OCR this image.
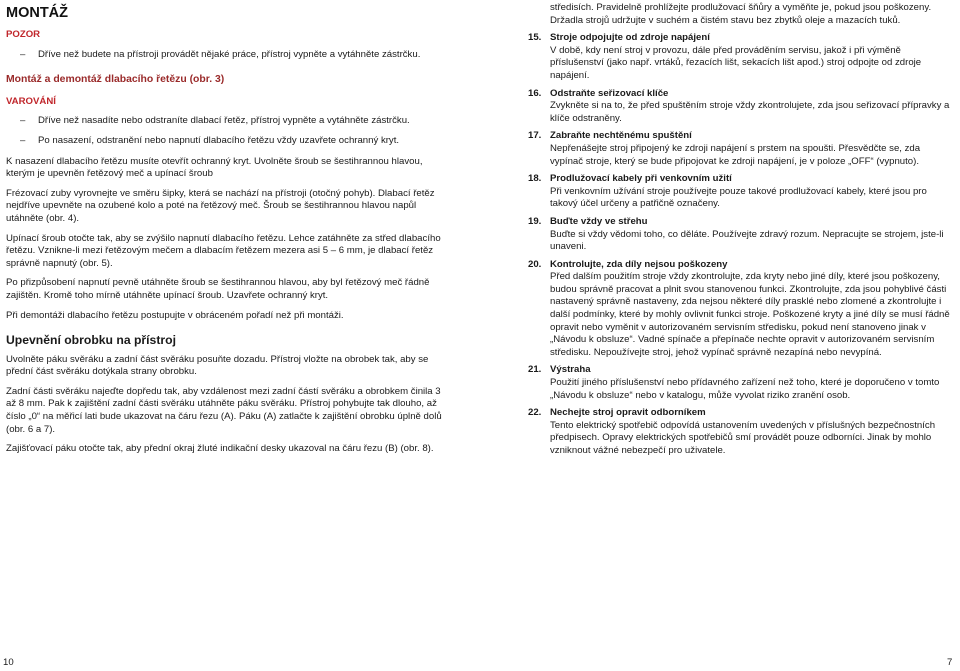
MONTÁŽ

POZOR

– Dříve než budete na přístroji provádět nějaké práce, přístroj vypněte a vytáhněte zástrčku.

Montáž a demontáž dlabacího řetězu (obr. 3)

VAROVÁNÍ

– Dříve než nasadíte nebo odstraníte dlabací řetěz, přístroj vypněte a vytáhněte zástrčku.

– Po nasazení, odstranění nebo napnutí dlabacího řetězu vždy uzavřete ochranný kryt.

K nasazení dlabacího řetězu musíte otevřít ochranný kryt. Uvolněte šroub se šestihrannou hlavou, kterým je upevněn řetězový meč a upínací šroub

Frézovací zuby vyrovnejte ve směru šipky, která se nachází na přístroji (otočný pohyb). Dlabací řetěz nejdříve upevněte na ozubené kolo a poté na řetězový meč. Šroub se šestihrannou hlavou napůl utáhněte (obr. 4).

Upínací šroub otočte tak, aby se zvýšilo napnutí dlabacího řetězu. Lehce zatáhněte za střed dlabacího řetězu. Vznikne-li mezi řetězovým mečem a dlabacím řetězem mezera asi 5 – 6 mm, je dlabací řetěz správně napnutý (obr. 5).

Po přizpůsobení napnutí pevně utáhněte šroub se šestihrannou hlavou, aby byl řetězový meč řádně zajištěn. Kromě toho mírně utáhněte upínací šroub. Uzavřete ochranný kryt.

Při demontáži dlabacího řetězu postupujte v obráceném pořadí než při montáži.

Upevnění obrobku na přístroj

Uvolněte páku svěráku a zadní část svěráku posuňte dozadu. Přístroj vložte na obrobek tak, aby se přední část svěráku dotýkala strany obrobku.

Zadní části svěráku najeďte dopředu tak, aby vzdálenost mezi zadní částí svěráku a obrobkem činila 3 až 8 mm. Pak k zajištění zadní části svěráku utáhněte páku svěráku. Přístroj pohybujte tak dlouho, až číslo „0“ na měřicí lati bude ukazovat na čáru řezu (A). Páku (A) zatlačte k zajištění obrobku úplně dolů (obr. 6 a 7).

Zajišťovací páku otočte tak, aby přední okraj žluté indikační desky ukazoval na čáru řezu (B) (obr. 8).

středisích. Pravidelně prohlížejte prodlužovací šňůry a vyměňte je, pokud jsou poškozeny. Držadla strojů udržujte v suchém a čistém stavu bez zbytků oleje a mazacích tuků.

15. Stroje odpojujte od zdroje napájení

V době, kdy není stroj v provozu, dále před prováděním servisu, jakož i při výměně příslušenství (jako např. vrtáků, řezacích lišt, sekacích lišt apod.) stroj odpojte od zdroje napájení.

16. Odstraňte seřizovací klíče

Zvykněte si na to, že před spuštěním stroje vždy zkontrolujete, zda jsou seřizovací přípravky a klíče odstraněny.

17. Zabraňte nechtěnému spuštění

Nepřenášejte stroj připojený ke zdroji napájení s prstem na spoušti. Přesvědčte se, zda vypínač stroje, který se bude připojovat ke zdroji napájení, je v poloze „OFF“ (vypnuto).

18. Prodlužovací kabely při venkovním užití

Při venkovním užívání stroje používejte pouze takové prodlužovací kabely, které jsou pro takový účel určeny a patřičně označeny.

19. Buďte vždy ve střehu

Buďte si vždy vědomi toho, co děláte. Používejte zdravý rozum. Nepracujte se strojem, jste-li unaveni.

20. Kontrolujte, zda díly nejsou poškozeny

Před dalším použitím stroje vždy zkontrolujte, zda kryty nebo jiné díly, které jsou poškozeny, budou správně pracovat a plnit svou stanovenou funkci. Zkontrolujte, zda jsou pohyblivé části nastavený správně nastaveny, zda nejsou některé díly prasklé nebo zlomené a zkontrolujte i další podmínky, které by mohly ovlivnit funkci stroje. Poškozené kryty a jiné díly se musí řádně opravit nebo vyměnit v autorizovaném servisním středisku, pokud není stanoveno jinak v „Návodu k obsluze“. Vadné spínače a přepínače nechte opravit v autorizovaném servisním středisku. Nepoužívejte stroj, jehož vypínač správně nezapíná nebo nevypíná.

21. Výstraha

Použití jiného příslušenství nebo přídavného zařízení než toho, které je doporučeno v tomto „Návodu k obsluze“ nebo v katalogu, může vyvolat riziko zranění osob.

22. Nechejte stroj opravit odborníkem

Tento elektrický spotřebič odpovídá ustanovením uvedených v příslušných bezpečnostních předpisech. Opravy elektrických spotřebičů smí provádět pouze odborníci. Jinak by mohlo vzniknout vážné nebezpečí pro uživatele.

10	7
